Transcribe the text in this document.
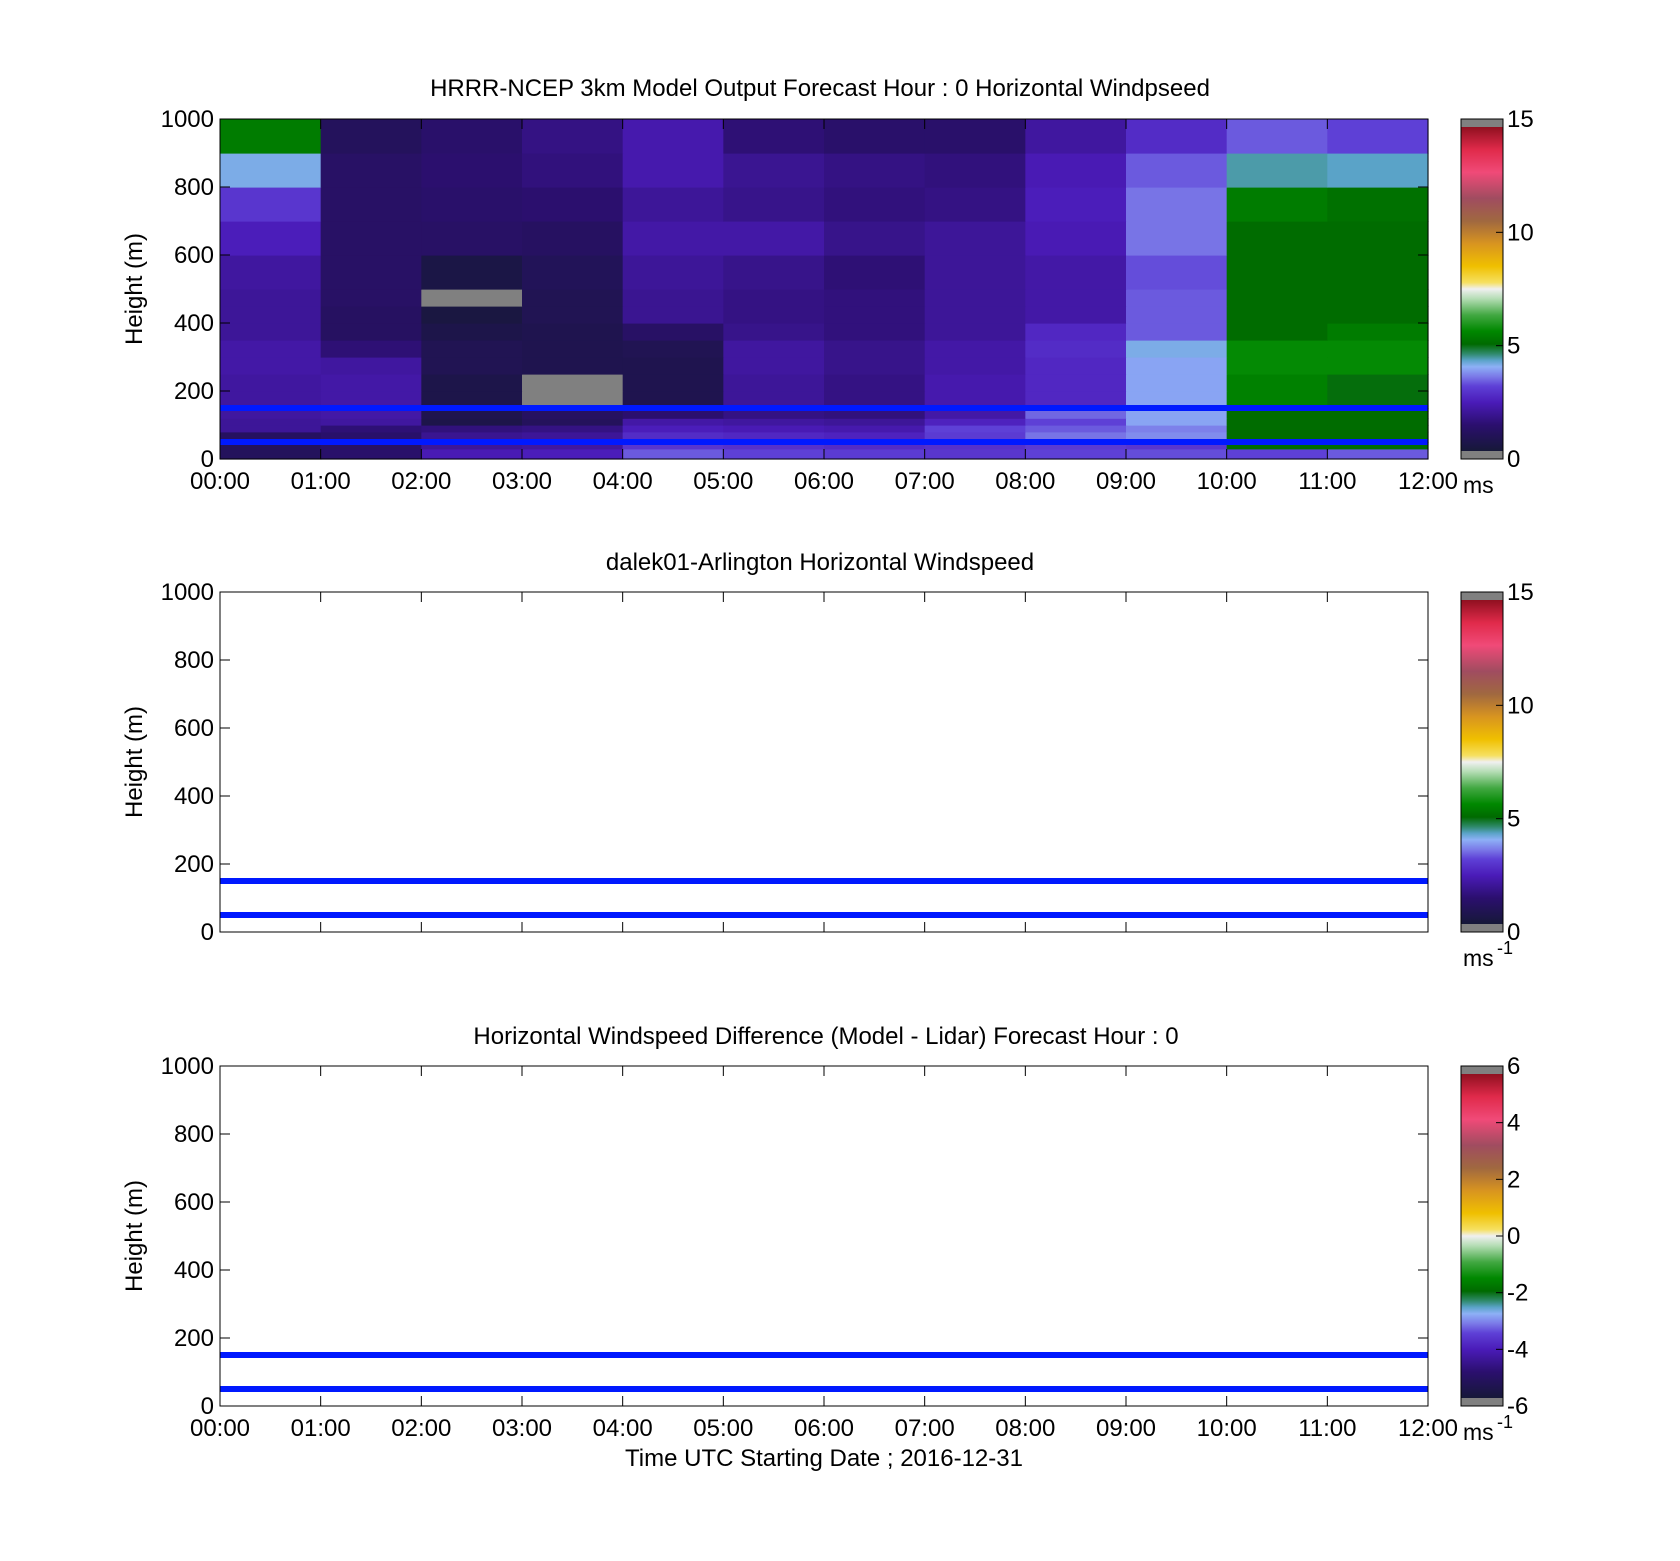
HRRR-NCEP 3km Model Output Forecast Hour : 0 Horizontal Windpseed
0
200
400
600
800
1000
00:00 01:00 02:00 03:00 04:00 05:00 06:00 07:00 08:00 09:00 10:00 11:00 12:00
Height (m)
0
5
10
15
ms
dalek01-Arlington Horizontal Windspeed
0
200
400
600
800
1000
Height (m)
0
5
10
15
ms -1
Horizontal Windspeed Difference (Model - Lidar) Forecast Hour : 0
0
200
400
600
800
1000
00:00 01:00 02:00 03:00 04:00 05:00 06:00 07:00 08:00 09:00 10:00 11:00 12:00
Height (m)
Time UTC Starting Date ; 2016-12-31
-6
-4
-2
0
2
4
6
ms -1
